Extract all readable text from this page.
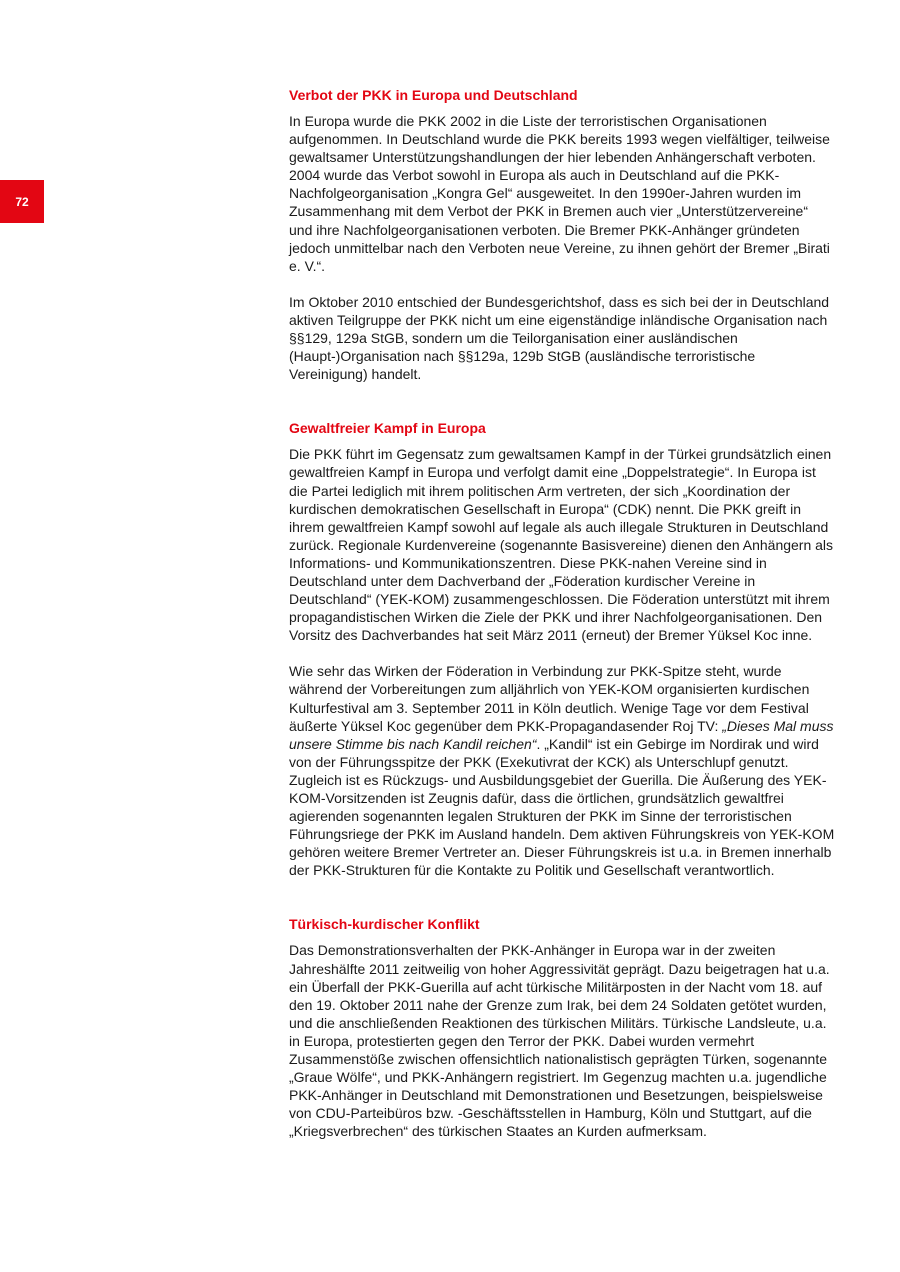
72
Verbot der PKK in Europa und Deutschland

In Europa wurde die PKK 2002 in die Liste der terroristischen Organisationen aufgenommen. In Deutschland wurde die PKK bereits 1993 wegen vielfältiger, teilweise gewaltsamer Unterstützungshandlungen der hier lebenden Anhängerschaft verboten. 2004 wurde das Verbot sowohl in Europa als auch in Deutschland auf die PKK-Nachfolgeorganisation „Kongra Gel“ ausgeweitet. In den 1990er-Jahren wurden im Zusammenhang mit dem Verbot der PKK in Bremen auch vier „Unterstützervereine“ und ihre Nachfolgeorganisationen verboten. Die Bremer PKK-Anhänger gründeten jedoch unmittelbar nach den Verboten neue Vereine, zu ihnen gehört der Bremer „Birati e. V.“.

Im Oktober 2010 entschied der Bundesgerichtshof, dass es sich bei der in Deutschland aktiven Teilgruppe der PKK nicht um eine eigenständige inländische Organisation nach §§129, 129a StGB, sondern um die Teilorganisation einer ausländischen (Haupt-)Organisation nach §§129a, 129b StGB (ausländische terroristische Vereinigung) handelt.

Gewaltfreier Kampf in Europa

Die PKK führt im Gegensatz zum gewaltsamen Kampf in der Türkei grundsätzlich einen gewaltfreien Kampf in Europa und verfolgt damit eine „Doppelstrategie“. In Europa ist die Partei lediglich mit ihrem politischen Arm vertreten, der sich „Koordination der kurdischen demokratischen Gesellschaft in Europa“ (CDK) nennt. Die PKK greift in ihrem gewaltfreien Kampf sowohl auf legale als auch illegale Strukturen in Deutschland zurück. Regionale Kurdenvereine (sogenannte Basisvereine) dienen den Anhängern als Informations- und Kommunikationszentren. Diese PKK-nahen Vereine sind in Deutschland unter dem Dachverband der „Föderation kurdischer Vereine in Deutschland“ (YEK-KOM) zusammengeschlossen. Die Föderation unterstützt mit ihrem propagandistischen Wirken die Ziele der PKK und ihrer Nachfolgeorganisationen. Den Vorsitz des Dachverbandes hat seit März 2011 (erneut) der Bremer Yüksel Koc inne.

Wie sehr das Wirken der Föderation in Verbindung zur PKK-Spitze steht, wurde während der Vorbereitungen zum alljährlich von YEK-KOM organisierten kurdischen Kulturfestival am 3. September 2011 in Köln deutlich. Wenige Tage vor dem Festival äußerte Yüksel Koc gegenüber dem PKK-Propagandasender Roj TV: „Dieses Mal muss unsere Stimme bis nach Kandil reichen“. „Kandil“ ist ein Gebirge im Nordirak und wird von der Führungsspitze der PKK (Exekutivrat der KCK) als Unterschlupf genutzt. Zugleich ist es Rückzugs- und Ausbildungsgebiet der Guerilla. Die Äußerung des YEK-KOM-Vorsitzenden ist Zeugnis dafür, dass die örtlichen, grundsätzlich gewaltfrei agierenden sogenannten legalen Strukturen der PKK im Sinne der terroristischen Führungsriege der PKK im Ausland handeln. Dem aktiven Führungskreis von YEK-KOM gehören weitere Bremer Vertreter an. Dieser Führungskreis ist u.a. in Bremen innerhalb der PKK-Strukturen für die Kontakte zu Politik und Gesellschaft verantwortlich.

Türkisch-kurdischer Konflikt

Das Demonstrationsverhalten der PKK-Anhänger in Europa war in der zweiten Jahreshälfte 2011 zeitweilig von hoher Aggressivität geprägt. Dazu beigetragen hat u.a. ein Überfall der PKK-Guerilla auf acht türkische Militärposten in der Nacht vom 18. auf den 19. Oktober 2011 nahe der Grenze zum Irak, bei dem 24 Soldaten getötet wurden, und die anschließenden Reaktionen des türkischen Militärs. Türkische Landsleute, u.a. in Europa, protestierten gegen den Terror der PKK. Dabei wurden vermehrt Zusammenstöße zwischen offensichtlich nationalistisch geprägten Türken, sogenannte „Graue Wölfe“, und PKK-Anhängern registriert. Im Gegenzug machten u.a. jugendliche PKK-Anhänger in Deutschland mit Demonstrationen und Besetzungen, beispielsweise von CDU-Parteibüros bzw. -Geschäftsstellen in Hamburg, Köln und Stuttgart, auf die „Kriegsverbrechen“ des türkischen Staates an Kurden aufmerksam.
